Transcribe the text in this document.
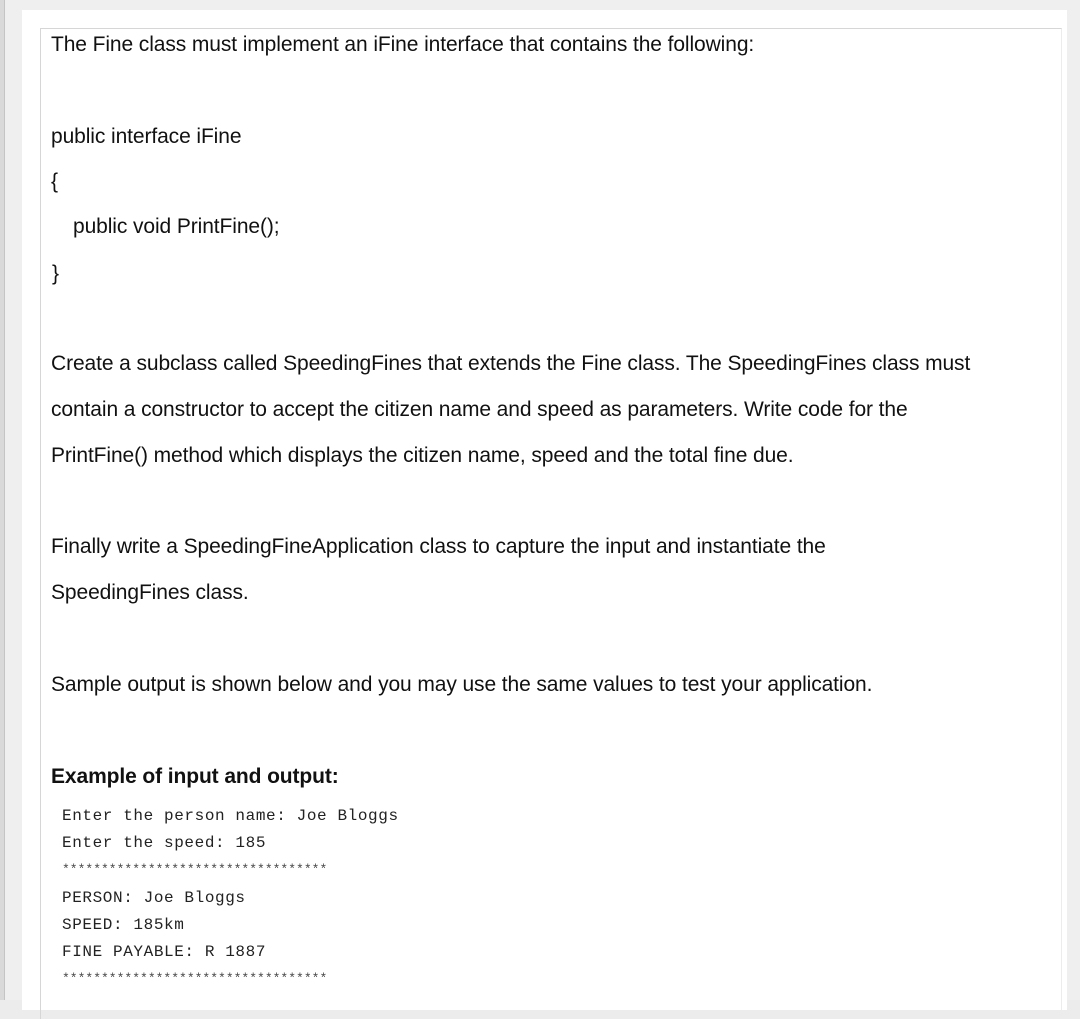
The Fine class must implement an iFine interface that contains the following:
public interface iFine
{
public void PrintFine();
}
Create a subclass called SpeedingFines that extends the Fine class. The SpeedingFines class must
contain a constructor to accept the citizen name and speed as parameters. Write code for the
PrintFine() method which displays the citizen name, speed and the total fine due.
Finally write a SpeedingFineApplication class to capture the input and instantiate the
SpeedingFines class.
Sample output is shown below and you may use the same values to test your application.
Example of input and output:
Enter the person name: Joe Bloggs
Enter the speed: 185
**********************************
PERSON: Joe Bloggs
SPEED: 185km
FINE PAYABLE: R 1887
**********************************
